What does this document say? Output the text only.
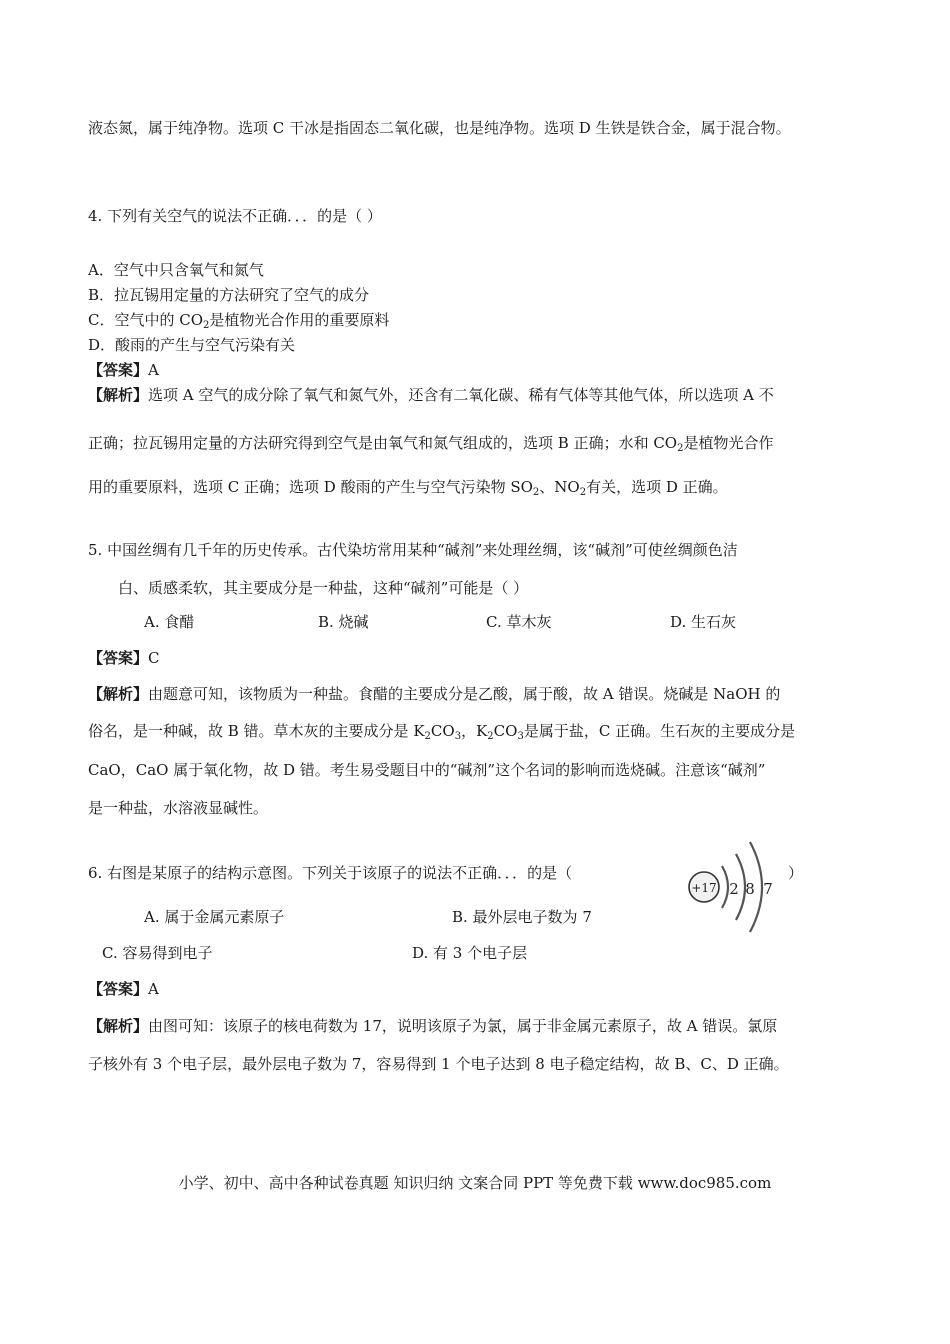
液态氮，属于纯净物。选项 C 干冰是指固态二氧化碳，也是纯净物。选项 D 生铁是铁合金，属于混合物。
4. 下列有关空气的说法不正确．．．的是（ ）
A．空气中只含氧气和氮气
B．拉瓦锡用定量的方法研究了空气的成分
C．空气中的 $CO_2$是植物光合作用的重要原料
D．酸雨的产生与空气污染有关
【答案】A
【解析】选项 A 空气的成分除了氧气和氮气外，还含有二氧化碳、稀有气体等其他气体，所以选项 A 不
正确；拉瓦锡用定量的方法研究得到空气是由氧气和氮气组成的，选项 B 正确；水和 $CO_2$是植物光合作
用的重要原料，选项 C 正确；选项 D 酸雨的产生与空气污染物 $SO_2$、$NO_2$有关，选项 D 正确。
5. 中国丝绸有几千年的历史传承。古代染坊常用某种“碱剂”来处理丝绸，该“碱剂”可使丝绸颜色洁
白、质感柔软，其主要成分是一种盐，这种“碱剂”可能是（ ）
A. 食醋	B. 烧碱	C. 草木灰	D. 生石灰
【答案】C
【解析】由题意可知，该物质为一种盐。食醋的主要成分是乙酸，属于酸，故 A 错误。烧碱是 NaOH 的
俗名，是一种碱，故 B 错。草木灰的主要成分是 $K_2CO_3$，$K_2CO_3$是属于盐，C 正确。生石灰的主要成分是
CaO，CaO 属于氧化物，故 D 错。考生易受题目中的“碱剂”这个名词的影响而选烧碱。注意该“碱剂”
是一种盐，水溶液显碱性。
6. 右图是某原子的结构示意图。下列关于该原子的说法不正确．．．的是（	）
+17 2 8 7
A. 属于金属元素原子	B. 最外层电子数为 7
C. 容易得到电子	D. 有 3 个电子层
【答案】A
【解析】由图可知：该原子的核电荷数为 17，说明该原子为氯，属于非金属元素原子，故 A 错误。氯原
子核外有 3 个电子层，最外层电子数为 7，容易得到 1 个电子达到 8 电子稳定结构，故 B、C、D 正确。
小学、初中、高中各种试卷真题 知识归纳 文案合同 PPT 等免费下载 www.doc985.com
